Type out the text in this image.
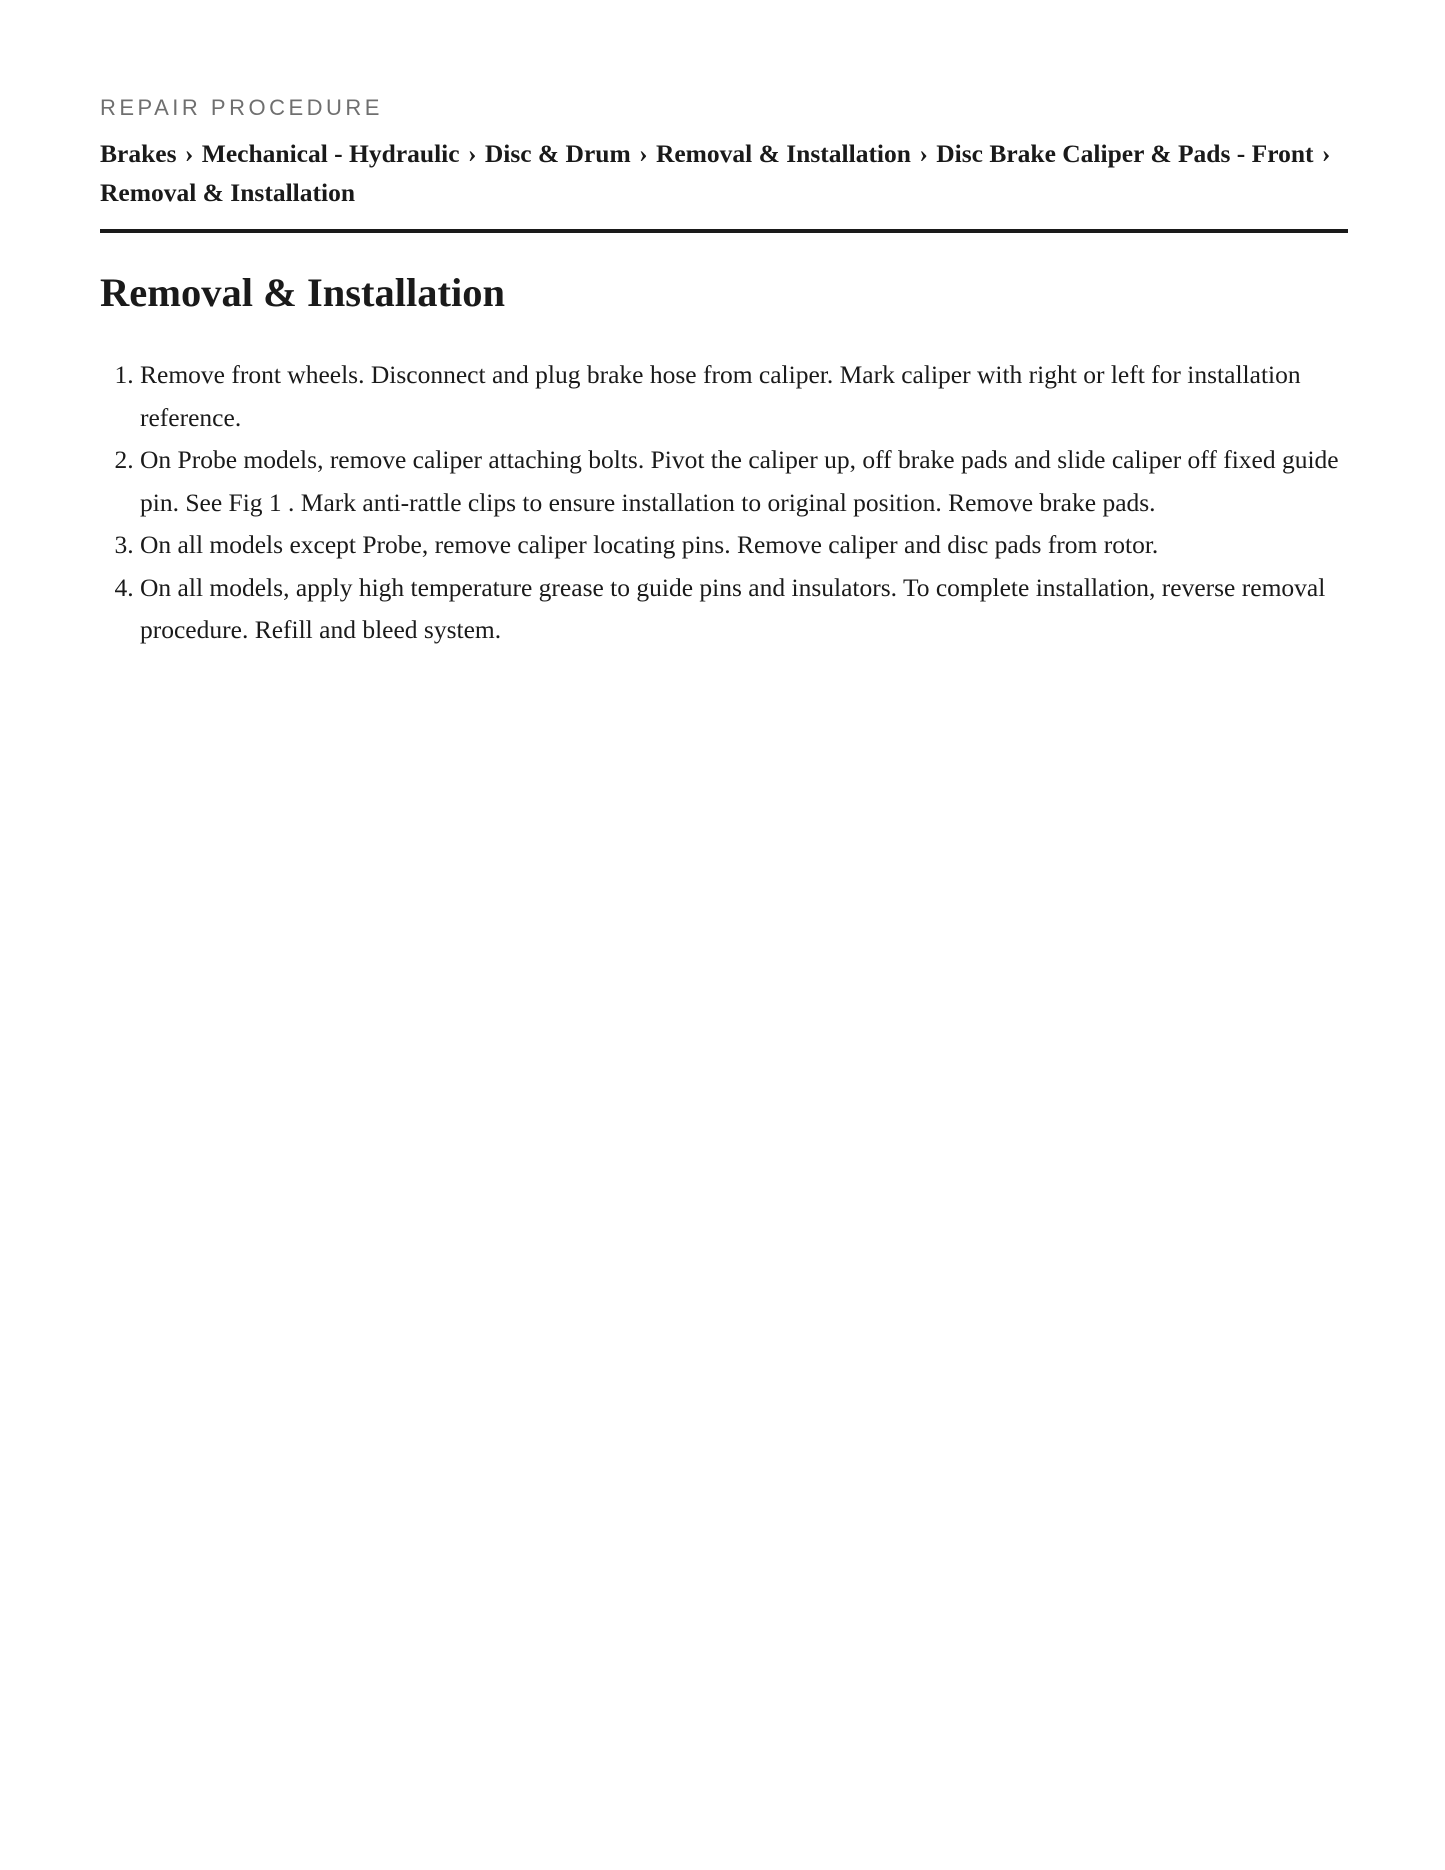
REPAIR PROCEDURE
Brakes › Mechanical - Hydraulic › Disc & Drum › Removal & Installation › Disc Brake Caliper & Pads - Front › Removal & Installation
Removal & Installation
1. Remove front wheels. Disconnect and plug brake hose from caliper. Mark caliper with right or left for installation reference.
2. On Probe models, remove caliper attaching bolts. Pivot the caliper up, off brake pads and slide caliper off fixed guide pin. See Fig 1 . Mark anti-rattle clips to ensure installation to original position. Remove brake pads.
3. On all models except Probe, remove caliper locating pins. Remove caliper and disc pads from rotor.
4. On all models, apply high temperature grease to guide pins and insulators. To complete installation, reverse removal procedure. Refill and bleed system.
